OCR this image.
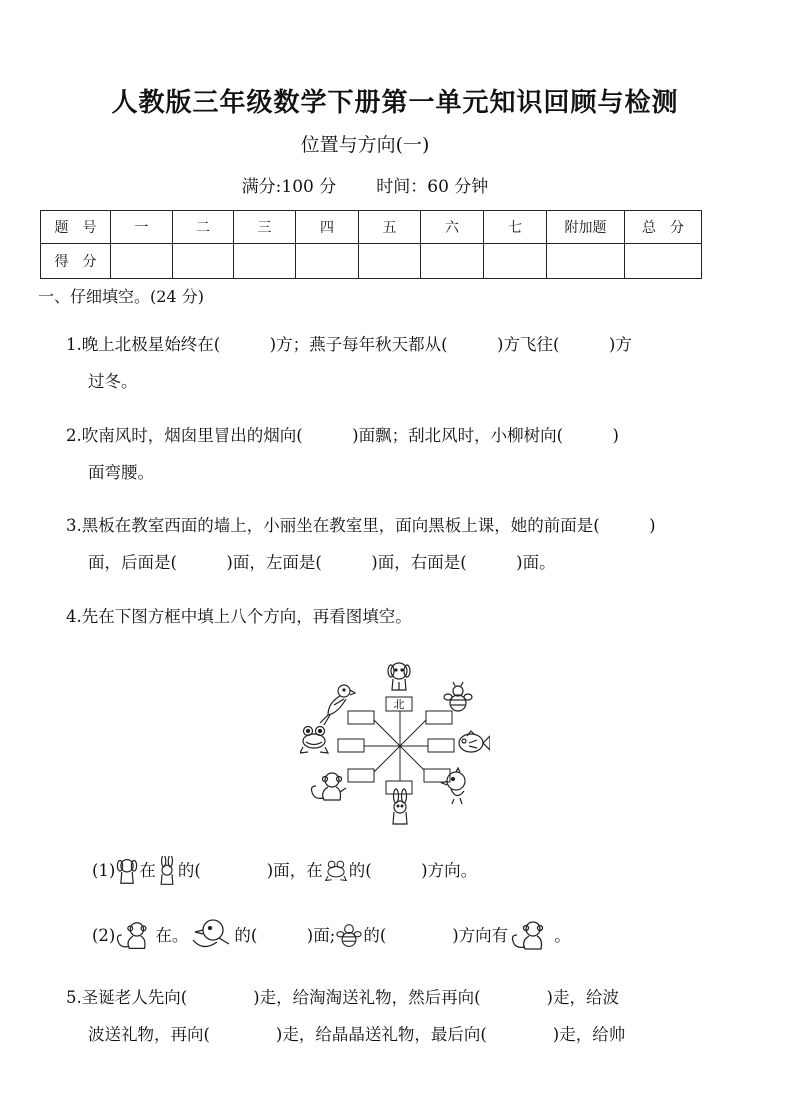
人教版三年级数学下册第一单元知识回顾与检测
位置与方向(一)
满分:100 分 时间：60 分钟
题　号	一	二	三	四	五	六	七	附加题	总　分
得　分									
一、仔细填空。(24 分)
1.晚上北极星始终在(　　　)方；燕子每年秋天都从(　　　)方飞往(　　　)方
过冬。
2.吹南风时，烟囱里冒出的烟向(　　　)面飘；刮北风时，小柳树向(　　　)
面弯腰。
3.黑板在教室西面的墙上，小丽坐在教室里，面向黑板上课，她的前面是(　　　)
面，后面是(　　　)面，左面是(　　　)面，右面是(　　　)面。
4.先在下图方框中填上八个方向，再看图填空。
北
(1) 在 的(　　　　)面，在 的(　　　)方向。
(2) 在。	的(　　　)面; 的(　　　　)方向有	。
5.圣诞老人先向(　　　　)走，给淘淘送礼物，然后再向(　　　　)走，给波
波送礼物，再向(　　　　)走，给晶晶送礼物，最后向(　　　　)走，给帅
